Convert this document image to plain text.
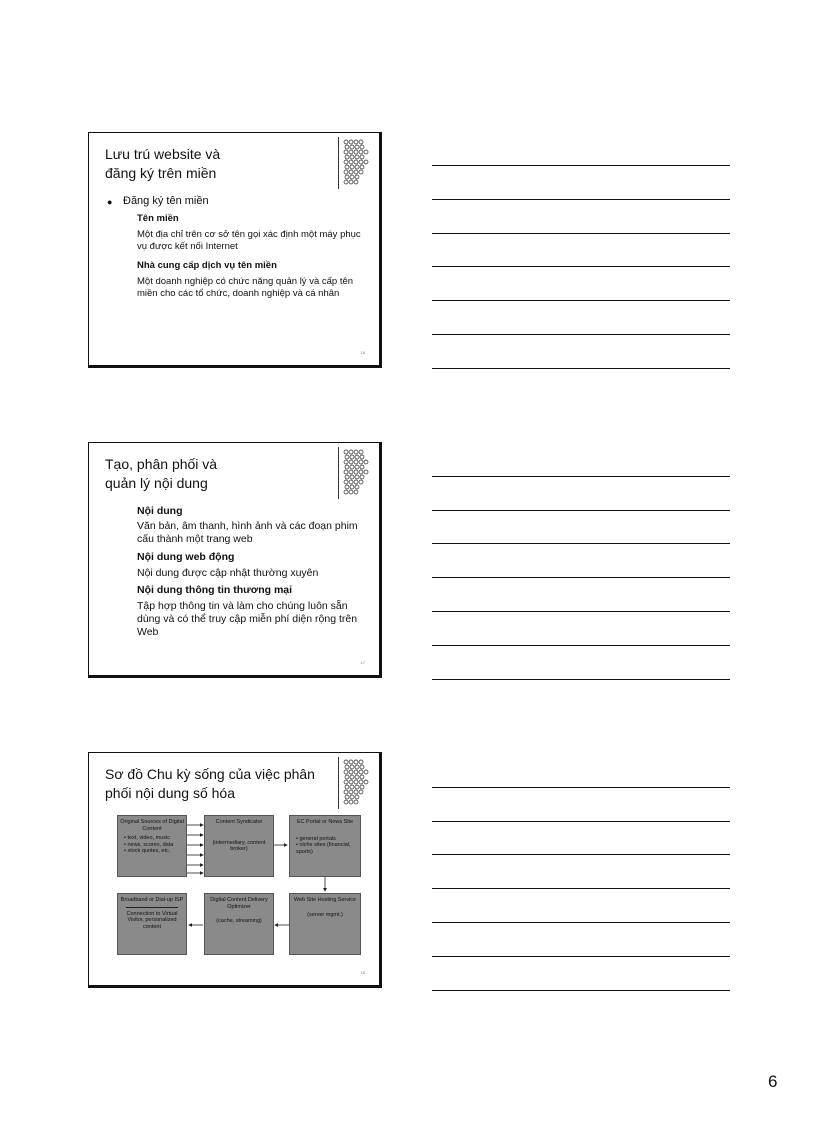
Lưu trú website và
đăng ký trên miền
● Đăng ký tên miền
Tên miền
Một địa chỉ trên cơ sở tên gọi xác định một máy phục vụ được kết nối Internet
Nhà cung cấp dịch vụ tên miền
Một doanh nghiệp có chức năng quản lý và cấp tên miền cho các tổ chức, doanh nghiệp và cá nhân
16
Tạo, phân phối và
quản lý nội dung
Nội dung
Văn bản, âm thanh, hình ảnh và các đoạn phim cấu thành một trang web
Nội dung web động
Nội dung được cập nhật thường xuyên
Nội dung thông tin thương mại
Tập hợp thông tin và làm cho chúng luôn sẵn dùng và có thể truy cập miễn phí diện rộng trên Web
17
Sơ đồ Chu kỳ sống của việc phân
phối nội dung số hóa
Original Sources of Digital Content
• text, video, music
• news, scores, data
• stock quotes, etc.
Content Syndicator
(intermediary, content broker)
EC Portal or News Site
• general portals
• niche sites (financial, sports)
Web Site Hosting Service
(server mgmt.)
Digital Content Delivery Optimizer
(cache, streaming)
Broadband or Dial-up ISP
Connection to Virtual Visitor, personalized content
18
6
